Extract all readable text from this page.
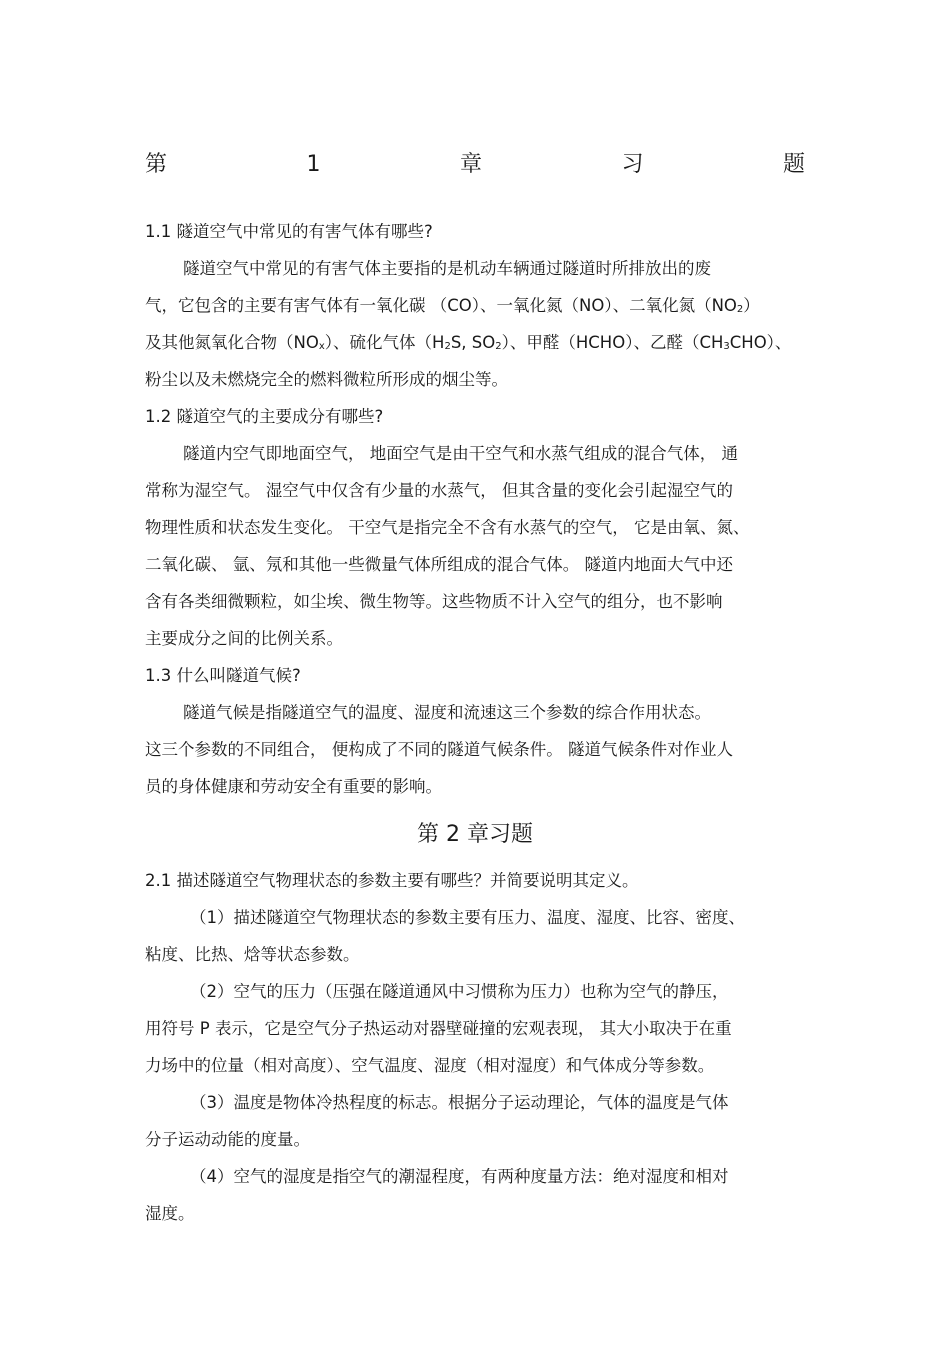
第	1	章	习	题
1.1 隧道空气中常见的有害气体有哪些?
隧道空气中常见的有害气体主要指的是机动车辆通过隧道时所排放出的废
气，它包含的主要有害气体有一氧化碳 （CO）、一氧化氮（NO）、二氧化氮$(NO_2)$
及其他氮氧化合物$(NO_x)$、硫化气体（$H_2S$, $SO_2$）、甲醛（HCHO）、乙醛$(CH_3CHO)$、
粉尘以及未燃烧完全的燃料微粒所形成的烟尘等。
1.2 隧道空气的主要成分有哪些?
隧道内空气即地面空气， 地面空气是由干空气和水蒸气组成的混合气体， 通
常称为湿空气。 湿空气中仅含有少量的水蒸气， 但其含量的变化会引起湿空气的
物理性质和状态发生变化。 干空气是指完全不含有水蒸气的空气， 它是由氧、氮、
二氧化碳、 氩、氖和其他一些微量气体所组成的混合气体。 隧道内地面大气中还
含有各类细微颗粒，如尘埃、微生物等。这些物质不计入空气的组分，也不影响
主要成分之间的比例关系。
1.3 什么叫隧道气候?
隧道气候是指隧道空气的温度、湿度和流速这三个参数的综合作用状态。
这三个参数的不同组合， 便构成了不同的隧道气候条件。 隧道气候条件对作业人
员的身体健康和劳动安全有重要的影响。
第 2 章习题
2.1 描述隧道空气物理状态的参数主要有哪些？并简要说明其定义。
（1）描述隧道空气物理状态的参数主要有压力、温度、湿度、比容、密度、
粘度、比热、焓等状态参数。
（2）空气的压力（压强在隧道通风中习惯称为压力）也称为空气的静压，
用符号 P 表示，它是空气分子热运动对器壁碰撞的宏观表现， 其大小取决于在重
力场中的位量（相对高度）、空气温度、湿度（相对湿度）和气体成分等参数。
（3）温度是物体冷热程度的标志。根据分子运动理论，气体的温度是气体
分子运动动能的度量。
（4）空气的湿度是指空气的潮湿程度，有两种度量方法：绝对湿度和相对
湿度。
